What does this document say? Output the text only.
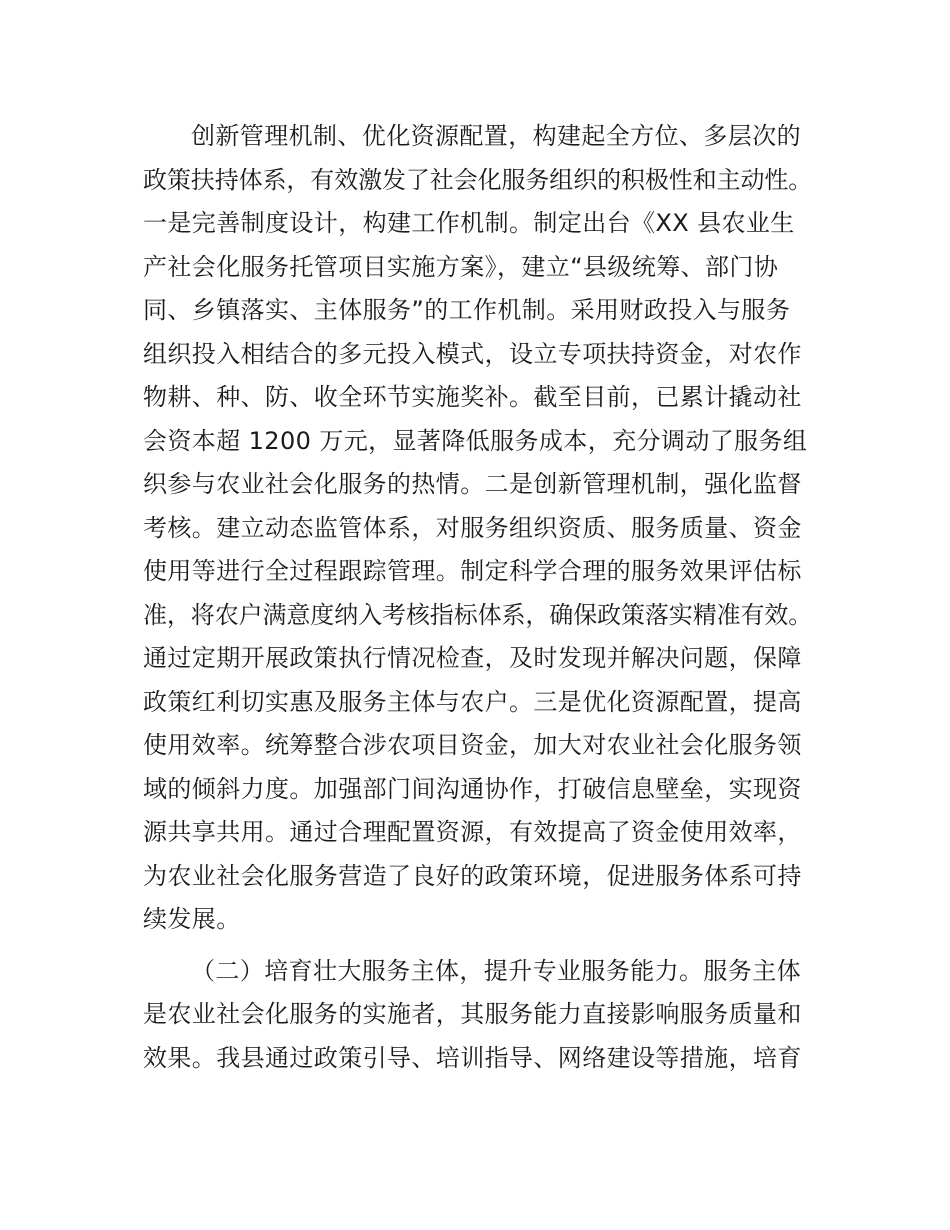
创新管理机制、优化资源配置，构建起全方位、多层次的
政策扶持体系，有效激发了社会化服务组织的积极性和主动性。
一是完善制度设计，构建工作机制。制定出台《XX 县农业生
产社会化服务托管项目实施方案》，建立“县级统筹、部门协
同、乡镇落实、主体服务”的工作机制。采用财政投入与服务
组织投入相结合的多元投入模式，设立专项扶持资金，对农作
物耕、种、防、收全环节实施奖补。截至目前，已累计撬动社
会资本超 1200 万元，显著降低服务成本，充分调动了服务组
织参与农业社会化服务的热情。二是创新管理机制，强化监督
考核。建立动态监管体系，对服务组织资质、服务质量、资金
使用等进行全过程跟踪管理。制定科学合理的服务效果评估标
准，将农户满意度纳入考核指标体系，确保政策落实精准有效。
通过定期开展政策执行情况检查，及时发现并解决问题，保障
政策红利切实惠及服务主体与农户。三是优化资源配置，提高
使用效率。统筹整合涉农项目资金，加大对农业社会化服务领
域的倾斜力度。加强部门间沟通协作，打破信息壁垒，实现资
源共享共用。通过合理配置资源，有效提高了资金使用效率，
为农业社会化服务营造了良好的政策环境，促进服务体系可持
续发展。
（二）培育壮大服务主体，提升专业服务能力。服务主体
是农业社会化服务的实施者，其服务能力直接影响服务质量和
效果。我县通过政策引导、培训指导、网络建设等措施，培育
